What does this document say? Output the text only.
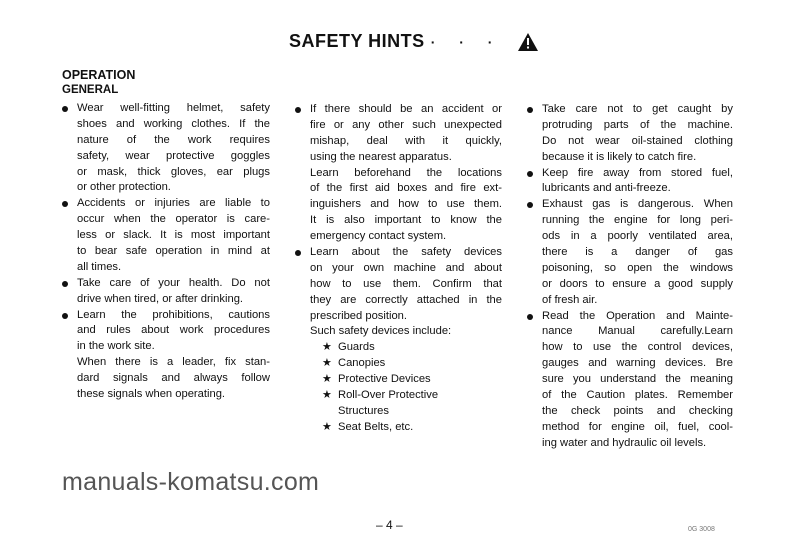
SAFETY HINTS · · ·
OPERATION
GENERAL
Wear well-fitting helmet, safety
shoes and working clothes. If the
nature of the work requires
safety, wear protective goggles
or mask, thick gloves, ear plugs
or other protection.
Accidents or injuries are liable to
occur when the operator is care-
less or slack. It is most important
to bear safe operation in mind at
all times.
Take care of your health. Do not
drive when tired, or after drinking.
Learn the prohibitions, cautions
and rules about work procedures
in the work site.
When there is a leader, fix stan-
dard signals and always follow
these signals when operating.
If there should be an accident or
fire or any other such unexpected
mishap, deal with it quickly,
using the nearest apparatus.
Learn beforehand the locations
of the first aid boxes and fire ext-
inguishers and how to use them.
It is also important to know the
emergency contact system.
Learn about the safety devices
on your own machine and about
how to use them. Confirm that
they are correctly attached in the
prescribed position.
Such safety devices include:
★ Guards
★ Canopies
★ Protective Devices
★ Roll-Over Protective
Structures
★ Seat Belts, etc.
Take care not to get caught by
protruding parts of the machine.
Do not wear oil-stained clothing
because it is likely to catch fire.
Keep fire away from stored fuel,
lubricants and anti-freeze.
Exhaust gas is dangerous. When
running the engine for long peri-
ods in a poorly ventilated area,
there is a danger of gas
poisoning, so open the windows
or doors to ensure a good supply
of fresh air.
Read the Operation and Mainte-
nance Manual carefully.Learn
how to use the control devices,
gauges and warning devices. Bre
sure you understand the meaning
of the Caution plates. Remember
the check points and checking
method for engine oil, fuel, cool-
ing water and hydraulic oil levels.
manuals-komatsu.com
– 4 –	0G 3008
